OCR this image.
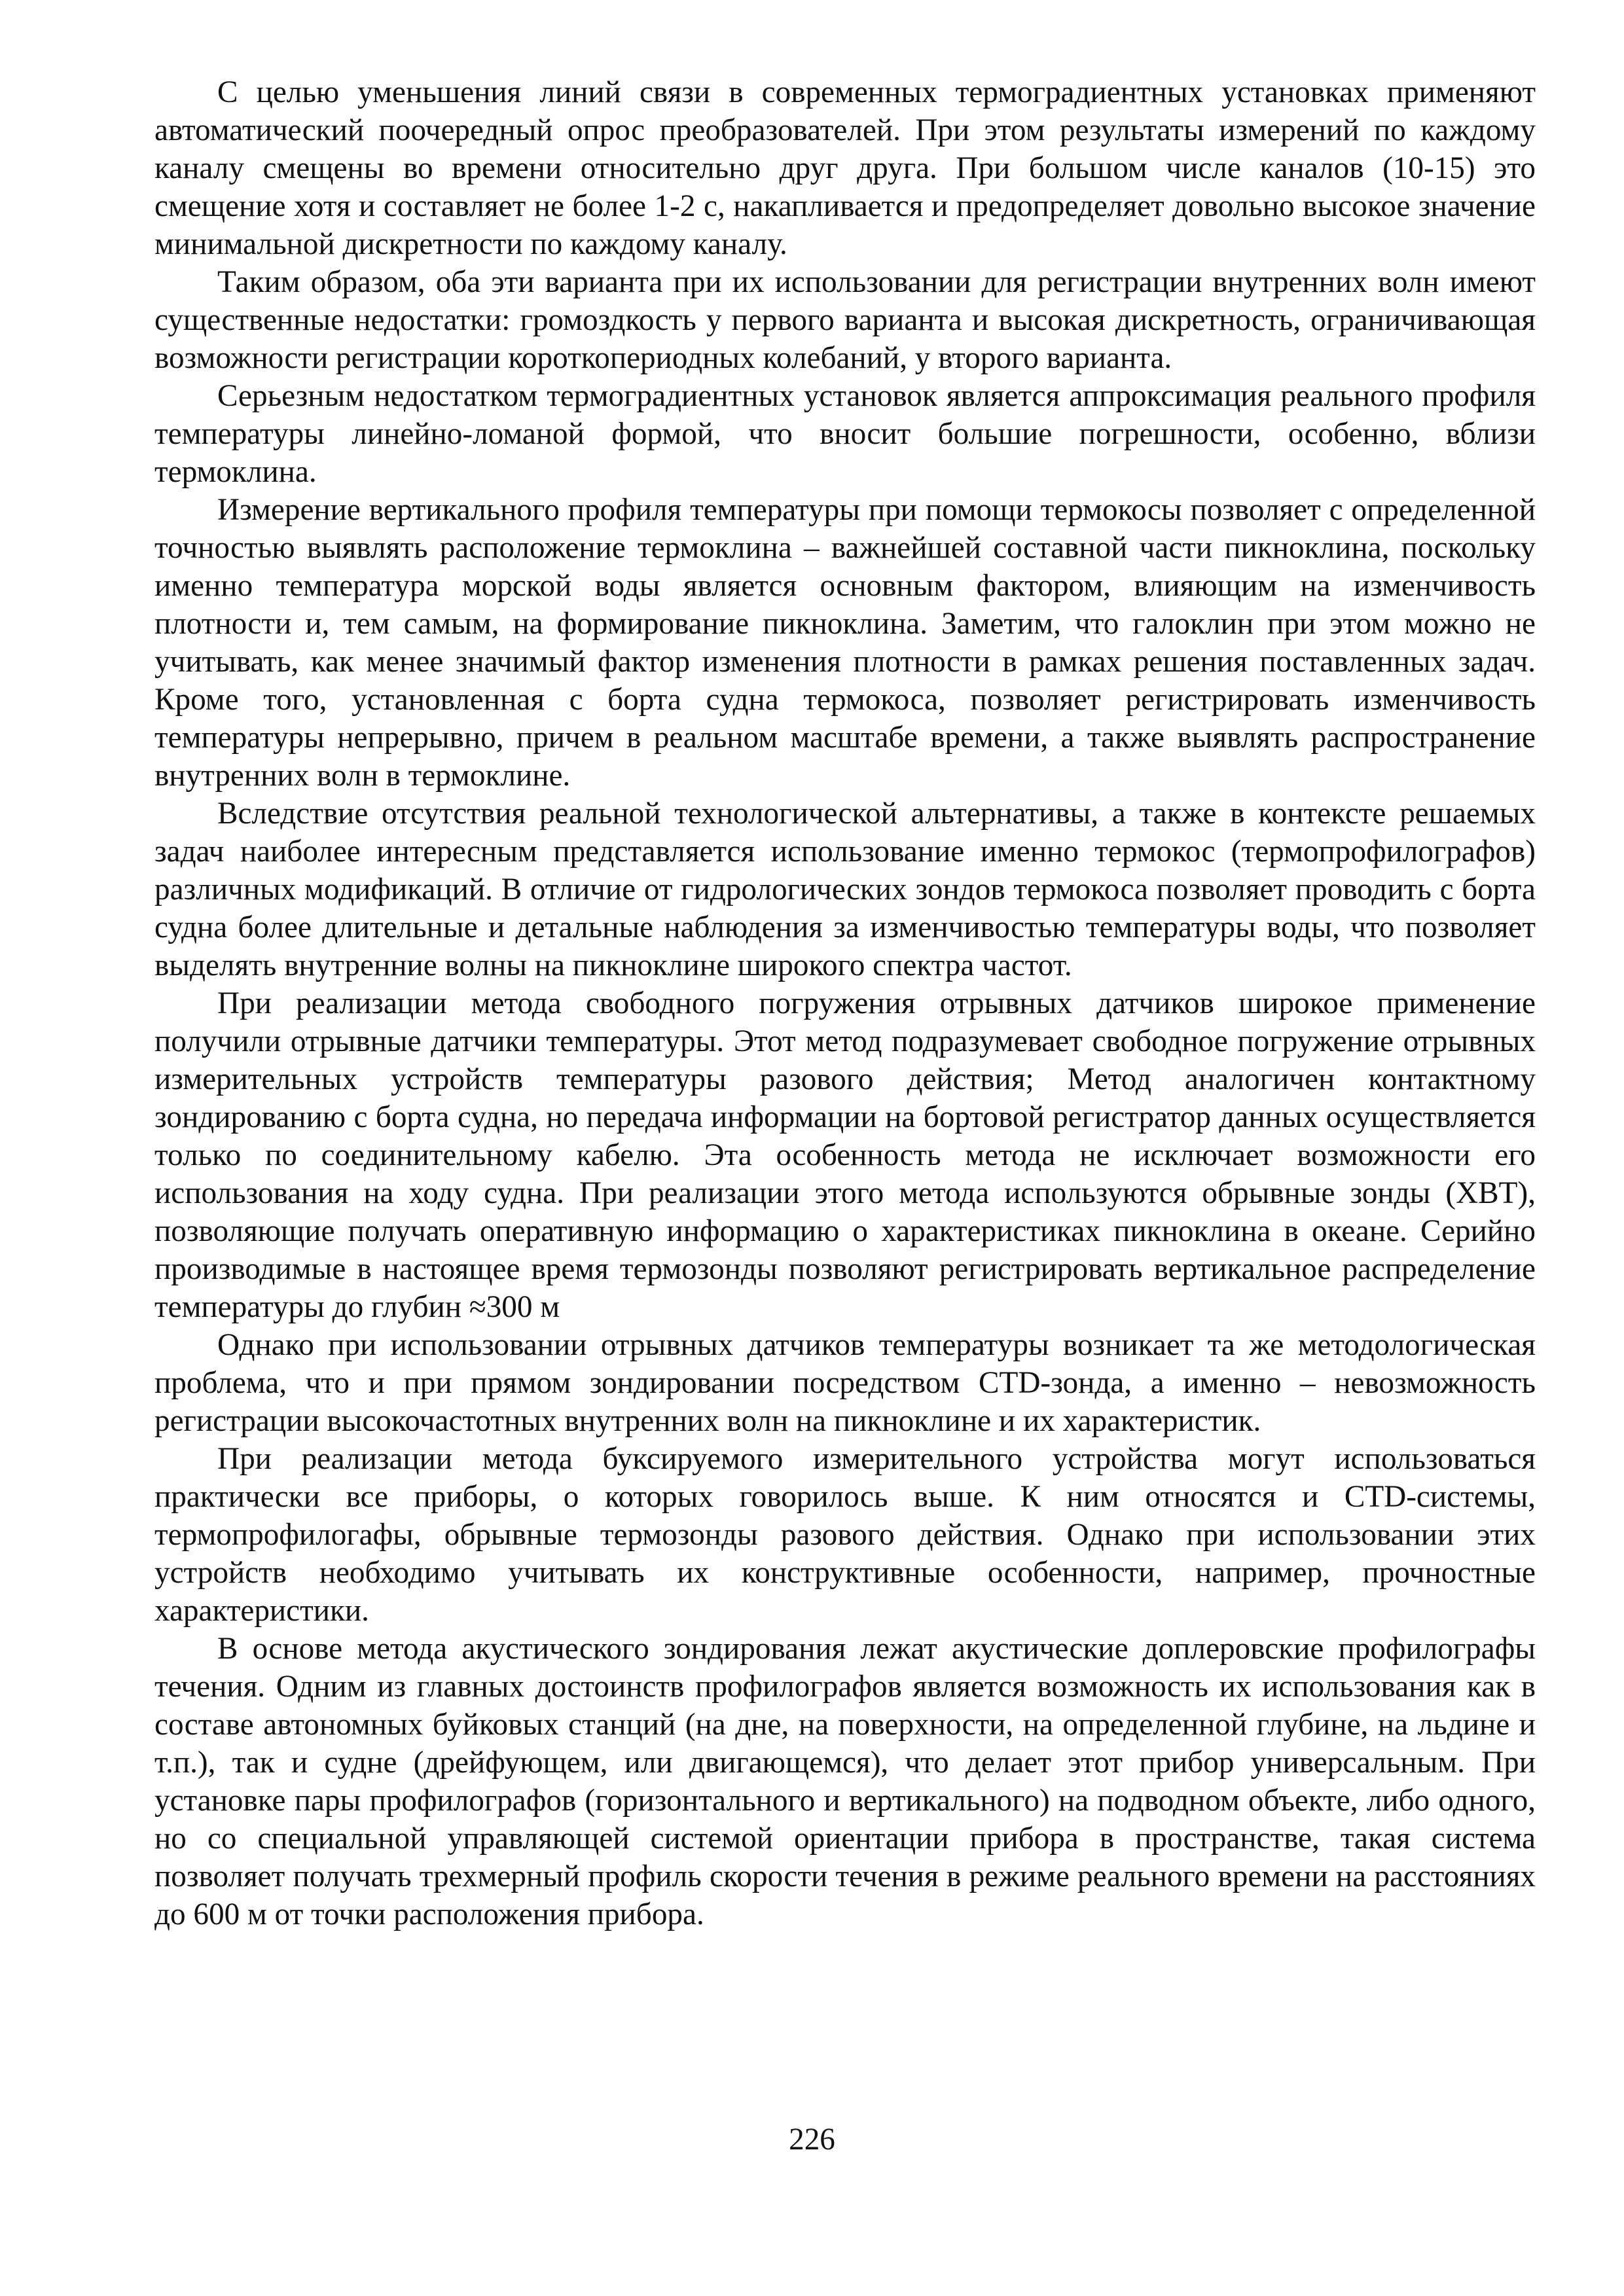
С целью уменьшения линий связи в современных термоградиентных установках применяют автоматический поочередный опрос преобразователей. При этом результаты измерений по каждому каналу смещены во времени относительно друг друга. При большом числе каналов (10-15) это смещение хотя и составляет не более 1-2 с, накапливается и предопределяет довольно высокое значение минимальной дискретности по каждому каналу.

Таким образом, оба эти варианта при их использовании для регистрации внутренних волн имеют существенные недостатки: громоздкость у первого варианта и высокая дискретность, ограничивающая возможности регистрации короткопериодных колебаний, у второго варианта.

Серьезным недостатком термоградиентных установок является аппроксимация реального профиля температуры линейно-ломаной формой, что вносит большие погрешности, особенно, вблизи термоклина.

Измерение вертикального профиля температуры при помощи термокосы позволяет с определенной точностью выявлять расположение термоклина – важнейшей составной части пикноклина, поскольку именно температура морской воды является основным фактором, влияющим на изменчивость плотности и, тем самым, на формирование пикноклина. Заметим, что галоклин при этом можно не учитывать, как менее значимый фактор изменения плотности в рамках решения поставленных задач. Кроме того, установленная с борта судна термокоса, позволяет регистрировать изменчивость температуры непрерывно, причем в реальном масштабе времени, а также выявлять распространение внутренних волн в термоклине.

Вследствие отсутствия реальной технологической альтернативы, а также в контексте решаемых задач наиболее интересным представляется использование именно термокос (термопрофилографов) различных модификаций. В отличие от гидрологических зондов термокоса позволяет проводить с борта судна более длительные и детальные наблюдения за изменчивостью температуры воды, что позволяет выделять внутренние волны на пикноклине широкого спектра частот.

При реализации метода свободного погружения отрывных датчиков широкое применение получили отрывные датчики температуры. Этот метод подразумевает свободное погружение отрывных измерительных устройств температуры разового действия; Метод аналогичен контактному зондированию с борта судна, но передача информации на бортовой регистратор данных осуществляется только по соединительному кабелю. Эта особенность метода не исключает возможности его использования на ходу судна. При реализации этого метода используются обрывные зонды (XBT), позволяющие получать оперативную информацию о характеристиках пикноклина в океане. Серийно производимые в настоящее время термозонды позволяют регистрировать вертикальное распределение температуры до глубин ≈300 м

Однако при использовании отрывных датчиков температуры возникает та же методологическая проблема, что и при прямом зондировании посредством CTD-зонда, а именно – невозможность регистрации высокочастотных внутренних волн на пикноклине и их характеристик.

При реализации метода буксируемого измерительного устройства могут использоваться практически все приборы, о которых говорилось выше. К ним относятся и CTD-системы, термопрофилогафы, обрывные термозонды разового действия. Однако при использовании этих устройств необходимо учитывать их конструктивные особенности, например, прочностные характеристики.

В основе метода акустического зондирования лежат акустические доплеровские профилографы течения. Одним из главных достоинств профилографов является возможность их использования как в составе автономных буйковых станций (на дне, на поверхности, на определенной глубине, на льдине и т.п.), так и судне (дрейфующем, или двигающемся), что делает этот прибор универсальным. При установке пары профилографов (горизонтального и вертикального) на подводном объекте, либо одного, но со специальной управляющей системой ориентации прибора в пространстве, такая система позволяет получать трехмерный профиль скорости течения в режиме реального времени на расстояниях до 600 м от точки расположения прибора.

226
